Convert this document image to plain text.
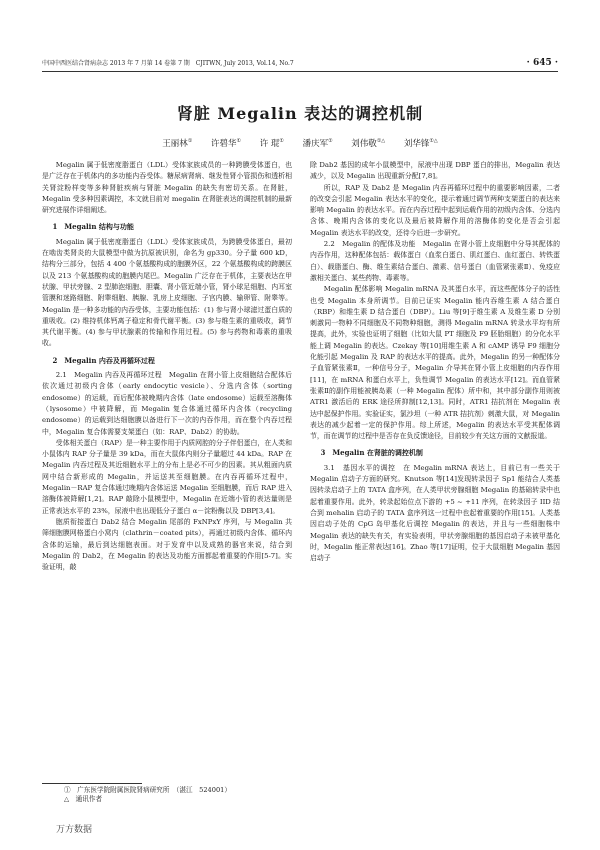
中国中西医结合肾病杂志 2013 年 7 月第 14 卷第 7 期　CJITWN, July 2013, Vol.14, No.7	· 645 ·
肾脏 Megalin 表达的调控机制
王丽林① 许碧华① 许 琨① 潘庆军① 刘伟敬①△ 刘华锋①△

Megalin 属于低密度脂蛋白（LDL）受体家族成员的一种跨膜受体蛋白，也是广泛存在于机体内的多功能内吞受体。糖尿病肾病、继发性肾小管损伤和透析相关肾淀粉样变等多种肾脏疾病与肾脏 Megalin 的缺失有密切关系。在肾脏，Megalin 受多种因素调控，本文就目前对 megalin 在肾脏表达的调控机制的最新研究进展作详细阐述。

1　Megalin 结构与功能

Megalin 属于低密度脂蛋白（LDL）受体家族成员，为跨膜受体蛋白，最初在啮齿类肾炎的大鼠模型中做为抗原被识别，命名为 gp330。分子量 600 kD，结构分三部分，包括 4 400 个氨基酸构成的胞膜外区，22 个氨基酸构成的跨膜区以及 213 个氨基酸构成的胞膜内尾巴。Megalin 广泛存在于机体，主要表达在甲状腺、甲状旁腺、2 型肺泡细胞、胆囊、肾小管近端小管，肾小球足细胞、内耳室管膜和迷路细胞、附睾细胞、胰腺、乳房上皮细胞、子宫内膜、输卵管、附睾等。Megalin 是一种多功能的内吞受体，主要功能包括：(1) 参与肾小球滤过蛋白质的重吸收。(2) 维持机体钙离子稳定和骨代谢平衡。(3) 参与维生素的重吸收，调节其代谢平衡。(4) 参与甲状腺素的传输和作用过程。(5) 参与药物和毒素的重吸收。

2　Megalin 内吞及再循环过程

2.1　Megalin 内吞及再循环过程　Megalin 在肾小管上皮细胞结合配体后依次通过初级内含体（early endocytic vesicle）、分选内含体（sorting endosome）的运载，而后配体被晚期内含体（late endosome）运载至溶酶体（lysosome）中被降解，而 Megalin 复合体通过循环内含体（recycling endosome）的运载到达细胞膜以备进行下一次的内吞作用，而在整个内吞过程中，Megalin 复合体需要支架蛋白（如：RAP、Dab2）的协助。

受体相关蛋白（RAP）是一种主要作用于内质网腔的分子伴侣蛋白，在人类和小鼠体内 RAP 分子量是 39 kDa，而在大鼠体内则分子量超过 44 kDa。RAP 在 Megalin 内吞过程及其近细胞水平上的分布上是必不可少的因素。其从粗面内质网中结合新形成的 Megalin，并运送其至细胞膜。在内吞再循环过程中，Megalin－RAP 复合体通过晚期内含体运送 Megalin 至细胞膜，而后 RAP 进入溶酶体被降解[1,2]。RAP 敲除小鼠模型中，Megalin 在近端小管的表达量则是正常表达水平的 23%，尿液中也出现低分子蛋白 α－淀粉酶以及 DBP[3,4]。

胞质衔接蛋白 Dab2 结合 Megalin 尾部的 FxNPxY 序列，与 Megalin 共筛细胞膜网格蛋白小窝内（clathrin－coated pits），再通过初级内含体、循环内含体的运输，最后到达细胞表面。对于发育中以及成熟的器官来说，结合到 Megalin 的 Dab2，在 Megalin 的表达及功能方面都起着重要的作用[5-7]。实验证明，敲

除 Dab2 基因的成年小鼠模型中，尿液中出现 DBP 蛋白的排出，Megalin 表达减少，以及 Megalin 出现重新分配[7,8]。

所以，RAP 及 Dab2 是 Megalin 内吞再循环过程中的重要影响因素，二者的改变会引起 Megalin 表达水平的变化，提示着通过调节两种支架蛋白的表达来影响 Megalin 的表达水平。而在内吞过程中起到运载作用的初级内含体、分选内含体、晚期内含体的变化以及最后被降解作用的溶酶体的变化是否会引起 Megalin 表达水平的改变，还待今后进一步研究。

2.2　Megalin 的配体及功能　Megalin 在肾小管上皮细胞中分导其配体的内吞作用，这种配体包括：载体蛋白（血浆白蛋白、肌红蛋白、血红蛋白、转铁蛋白）、载脂蛋白、酶、维生素结合蛋白、激素、信号蛋白（血管紧张素Ⅱ）、免疫应激相关蛋白、某些药物、毒素等。

Megalin 配体影响 Megalin mRNA 及其蛋白水平，而这些配体分子的活性也受 Megalin 本身所调节。目前已证实 Megalin 能内吞维生素 A 结合蛋白（RBP）和维生素 D 结合蛋白（DBP）。Liu 等[9]于维生素 A 及维生素 D 分别刺激同一物种不同细胞及不同物种细胞，测得 Megalin mRNA 转录水平均有所提高，此外，实验也证明了细胞（比如大鼠 PT 细胞及 F9 胚胎细胞）的分化水平能上调 Megalin 的表达。Czekay 等[10]用维生素 A 和 cAMP 诱导 F9 细胞分化能引起 Megalin 及 RAP 的表达水平的提高。此外，Megalin 的另一种配体分子血管紧张素Ⅱ，一种信号分子，Megalin 介导其在肾小管上皮细胞的内吞作用[11]，在 mRNA 和蛋白水平上，负性调节 Megalin 的表达水平[12]。而血管紧张素Ⅱ的副作用能被胰岛素（一种 Megalin 配体）所中和，其中部分副作用则被 ATR1 激活后的 ERK 途径所抑制[12,13]。同时，ATR1 拮抗剂在 Megalin 表达中起保护作用。实验证实，氯沙坦（一种 ATR 拮抗剂）刺激大鼠，对 Megalin 表达的减少起着一定的保护作用。综上所述，Megalin 的表达水平受其配体调节，而在调节的过程中是否存在负反馈途径，目前较少有关这方面的文献报道。

3　Megalin 在肾脏的调控机制

3.1　基因水平的调控　在 Megalin mRNA 表达上，目前已有一些关于 Megalin 启动子方面的研究。Knutson 等[14]发现转录因子 Sp1 能结合人类基因转录启动子上的 TATA 盒序列，在人类甲状旁腺细胞 Megalin 的基础转录中也起着重要作用。此外，转录起始位点下游的 +5 ~ +11 序列，在转录因子 IID 结合到 mehalin 启动子的 TATA 盒序列这一过程中也起着重要的作用[15]。人类基因启动子处的 CpG 岛甲基化后调控 Megalin 的表达，并且与一些细胞株中 Megalin 表达的缺失有关，有实验表明，甲状旁腺细胞的基因启动子未被甲基化时，Megalin 能正常表达[16]。Zhao 等[17]证明，位于大鼠细胞 Megalin 基因启动子

①　广东医学院附属医院肾病研究所　（湛江　524001）
△　通讯作者
万方数据
